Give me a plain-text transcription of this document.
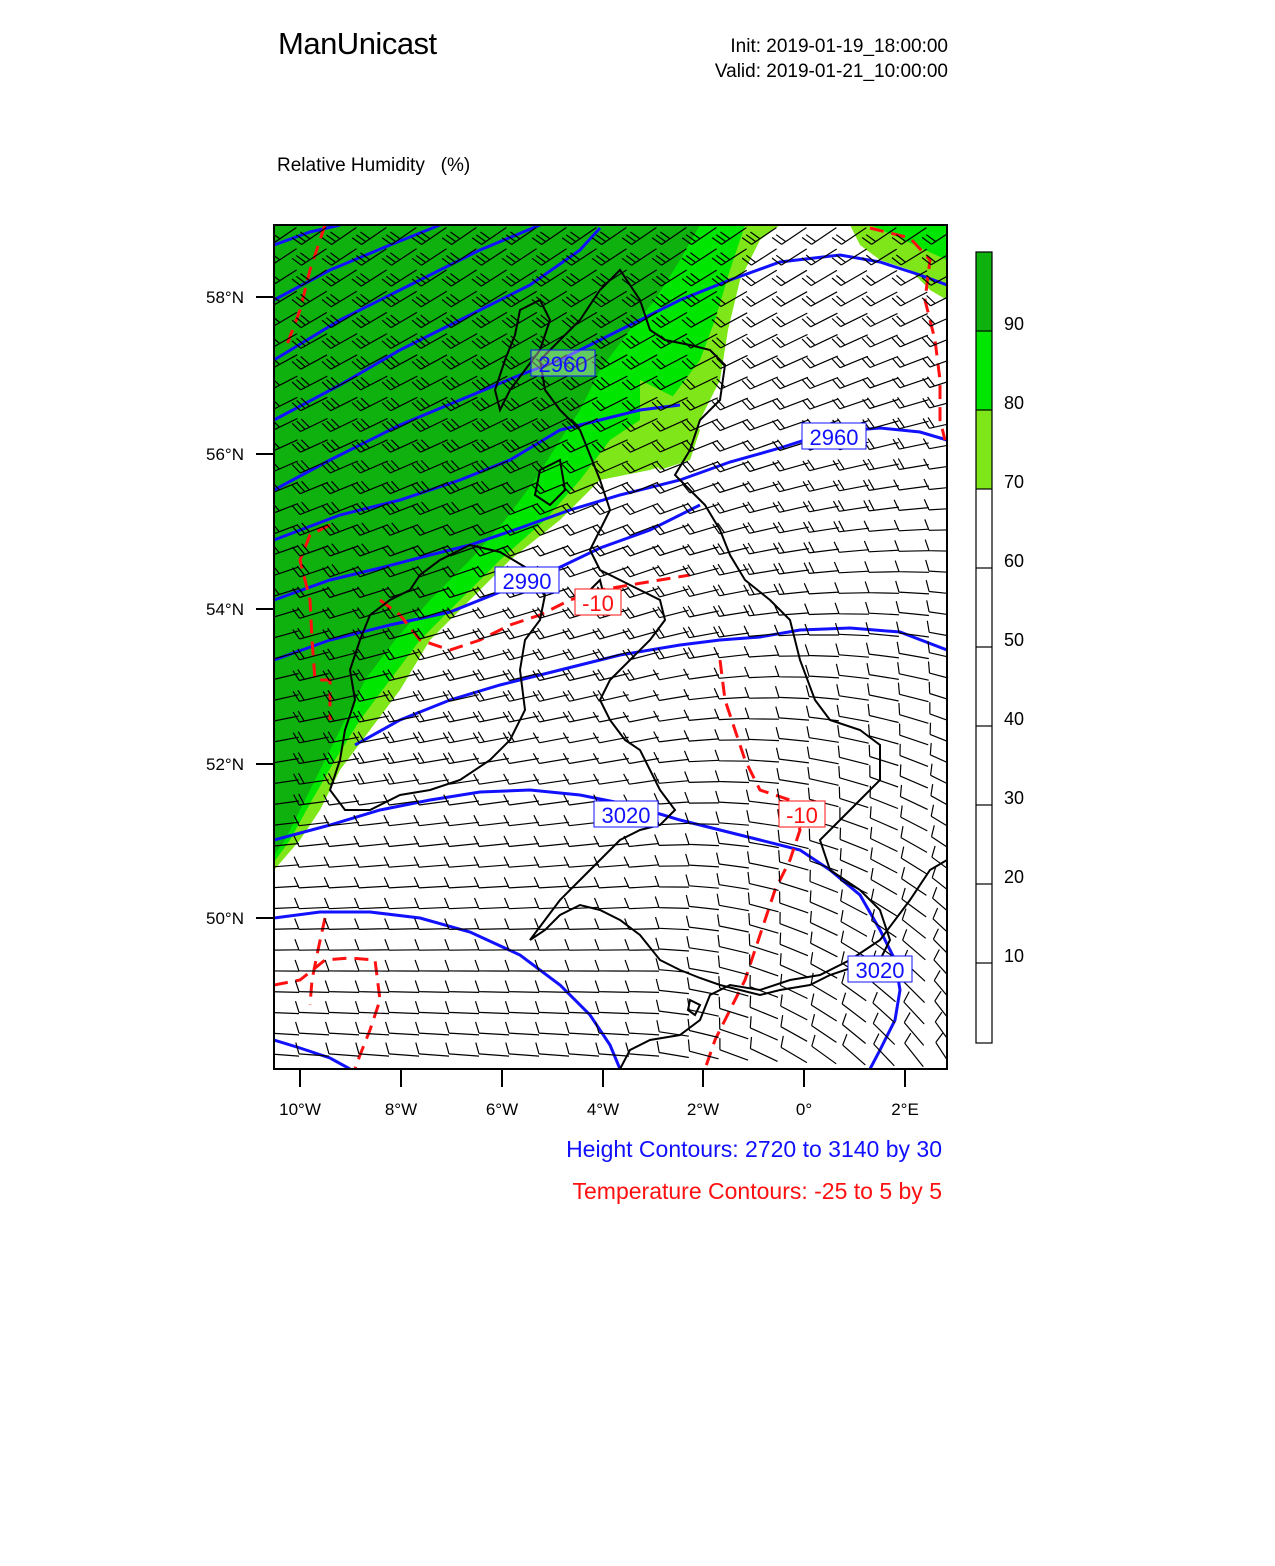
ManUnicast	Init: 2019-01-19_18:00:00
Valid: 2019-01-21_10:00:00

Relative Humidity   (%)

2960
2960
2990
3020
3020
-10
-10
58°N
56°N
54°N
52°N
50°N
10°W	8°W	6°W	4°W	2°W	0°	2°E
90
80
70
60
50
40
30
20
10
Height Contours: 2720 to 3140 by 30
Temperature Contours: -25 to 5 by 5
